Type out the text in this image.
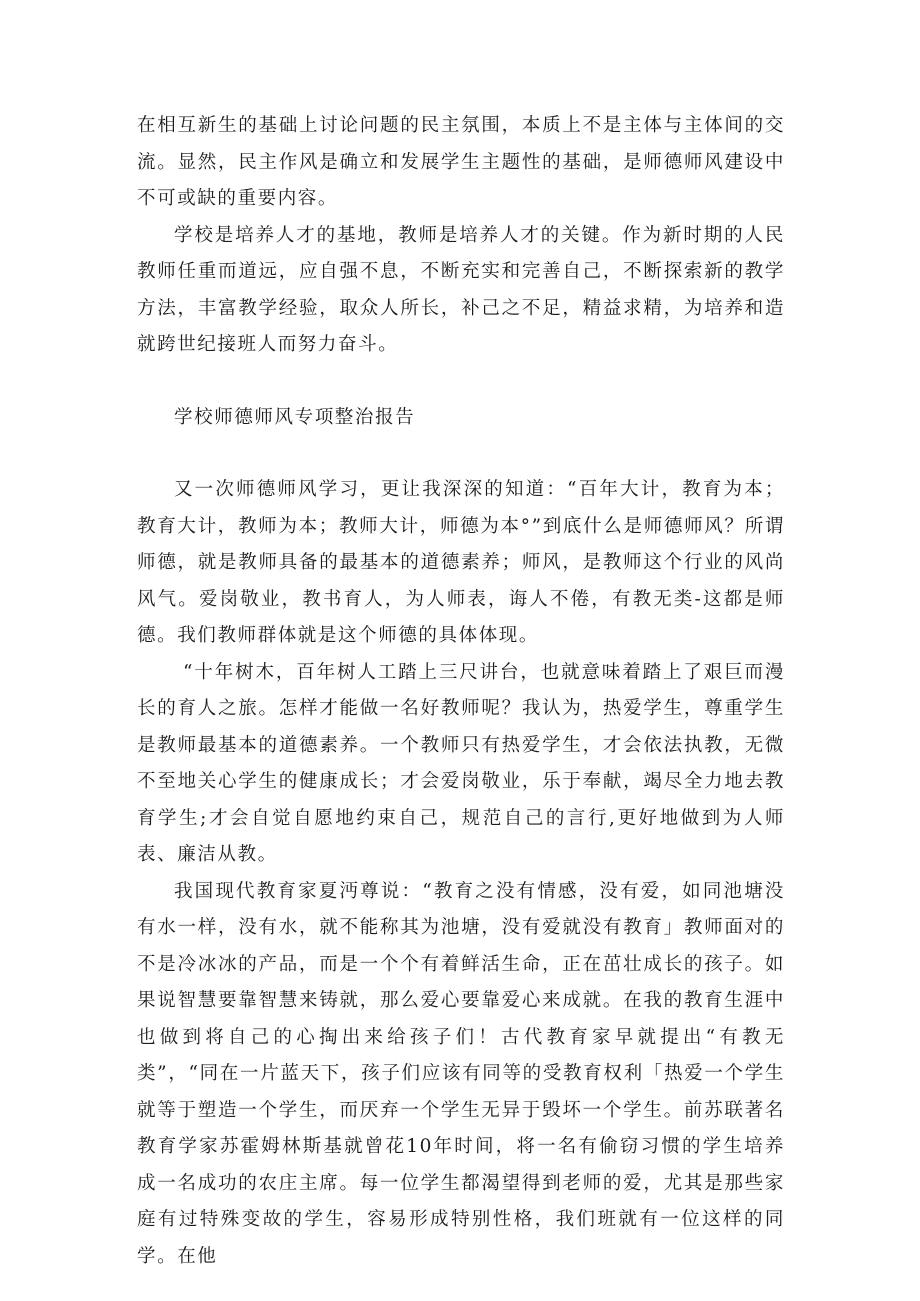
在相互新生的基础上讨论问题的民主氛围，本质上不是主体与主体间的交流。显然，民主作风是确立和发展学生主题性的基础，是师德师风建设中不可或缺的重要内容。

学校是培养人才的基地，教师是培养人才的关键。作为新时期的人民教师任重而道远，应自强不息，不断充实和完善自己，不断探索新的教学方法，丰富教学经验，取众人所长，补己之不足，精益求精，为培养和造就跨世纪接班人而努力奋斗。

学校师德师风专项整治报告

又一次师德师风学习，更让我深深的知道：“百年大计，教育为本；教育大计，教师为本；教师大计，师德为本°”到底什么是师德师风？所谓师德，就是教师具备的最基本的道德素养；师风，是教师这个行业的风尚风气。爱岗敬业，教书育人，为人师表，诲人不倦，有教无类-这都是师德。我们教师群体就是这个师德的具体体现。

“十年树木，百年树人工踏上三尺讲台，也就意味着踏上了艰巨而漫长的育人之旅。怎样才能做一名好教师呢？我认为，热爱学生，尊重学生是教师最基本的道德素养。一个教师只有热爱学生，才会依法执教，无微不至地关心学生的健康成长；才会爱岗敬业，乐于奉献，竭尽全力地去教育学生;才会自觉自愿地约束自己，规范自己的言行,更好地做到为人师表、廉洁从教。

我国现代教育家夏沔尊说：“教育之没有情感，没有爱，如同池塘没有水一样，没有水，就不能称其为池塘，没有爱就没有教育」教师面对的不是冷冰冰的产品，而是一个个有着鲜活生命，正在茁壮成长的孩子。如果说智慧要靠智慧来铸就，那么爱心要靠爱心来成就。在我的教育生涯中也做到将自己的心掏出来给孩子们！古代教育家早就提出“有教无类”，“同在一片蓝天下，孩子们应该有同等的受教育权利「热爱一个学生就等于塑造一个学生，而厌弃一个学生无异于毁坏一个学生。前苏联著名教育学家苏霍姆林斯基就曾花10年时间，将一名有偷窃习惯的学生培养成一名成功的农庄主席。每一位学生都渴望得到老师的爱，尤其是那些家庭有过特殊变故的学生，容易形成特别性格，我们班就有一位这样的同学。在他
